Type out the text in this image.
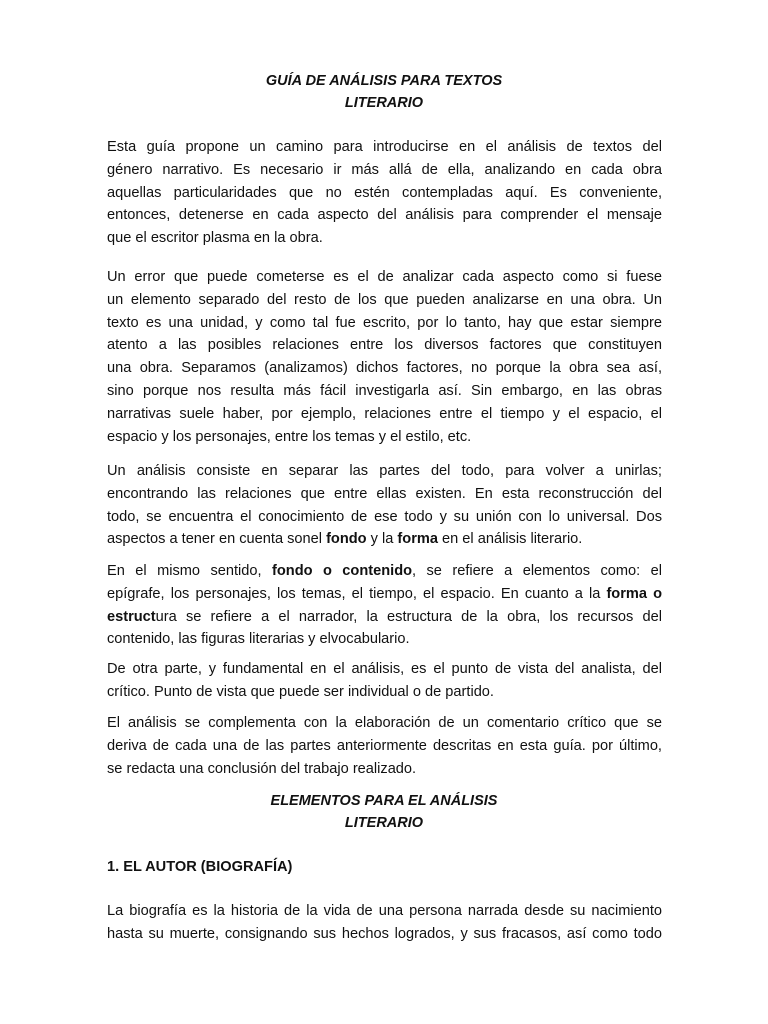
GUÍA DE ANÁLISIS PARA TEXTOS
LITERARIO

Esta guía propone un camino para introducirse en el análisis de textos del
género narrativo. Es necesario ir más allá de ella, analizando en cada obra
aquellas particularidades que no estén contempladas aquí. Es conveniente,
entonces, detenerse en cada aspecto del análisis para comprender el mensaje
que el escritor plasma en la obra.

Un error que puede cometerse es el de analizar cada aspecto como si fuese
un elemento separado del resto de los que pueden analizarse en una obra. Un
texto es una unidad, y como tal fue escrito, por lo tanto, hay que estar siempre
atento a las posibles relaciones entre los diversos factores que constituyen
una obra. Separamos (analizamos) dichos factores, no porque la obra sea así,
sino porque nos resulta más fácil investigarla así. Sin embargo, en las obras
narrativas suele haber, por ejemplo, relaciones entre el tiempo y el espacio, el
espacio y los personajes, entre los temas y el estilo, etc.

Un análisis consiste en separar las partes del todo, para volver a unirlas;
encontrando las relaciones que entre ellas existen. En esta reconstrucción del
todo, se encuentra el conocimiento de ese todo y su unión con lo universal. Dos
aspectos a tener en cuenta sonel fondo y la forma en el análisis literario.

En el mismo sentido, fondo o contenido, se refiere a elementos como: el
epígrafe, los personajes, los temas, el tiempo, el espacio. En cuanto a la forma o
estructura se refiere a el narrador, la estructura de la obra, los recursos del
contenido, las figuras literarias y elvocabulario.

De otra parte, y fundamental en el análisis, es el punto de vista del analista, del
crítico. Punto de vista que puede ser individual o de partido.

El análisis se complementa con la elaboración de un comentario crítico que se
deriva de cada una de las partes anteriormente descritas en esta guía. por último,
se redacta una conclusión del trabajo realizado.

ELEMENTOS PARA EL ANÁLISIS
LITERARIO
1. EL AUTOR (BIOGRAFÍA)

La biografía es la historia de la vida de una persona narrada desde su nacimiento
hasta su muerte, consignando sus hechos logrados, y sus fracasos, así como todo
